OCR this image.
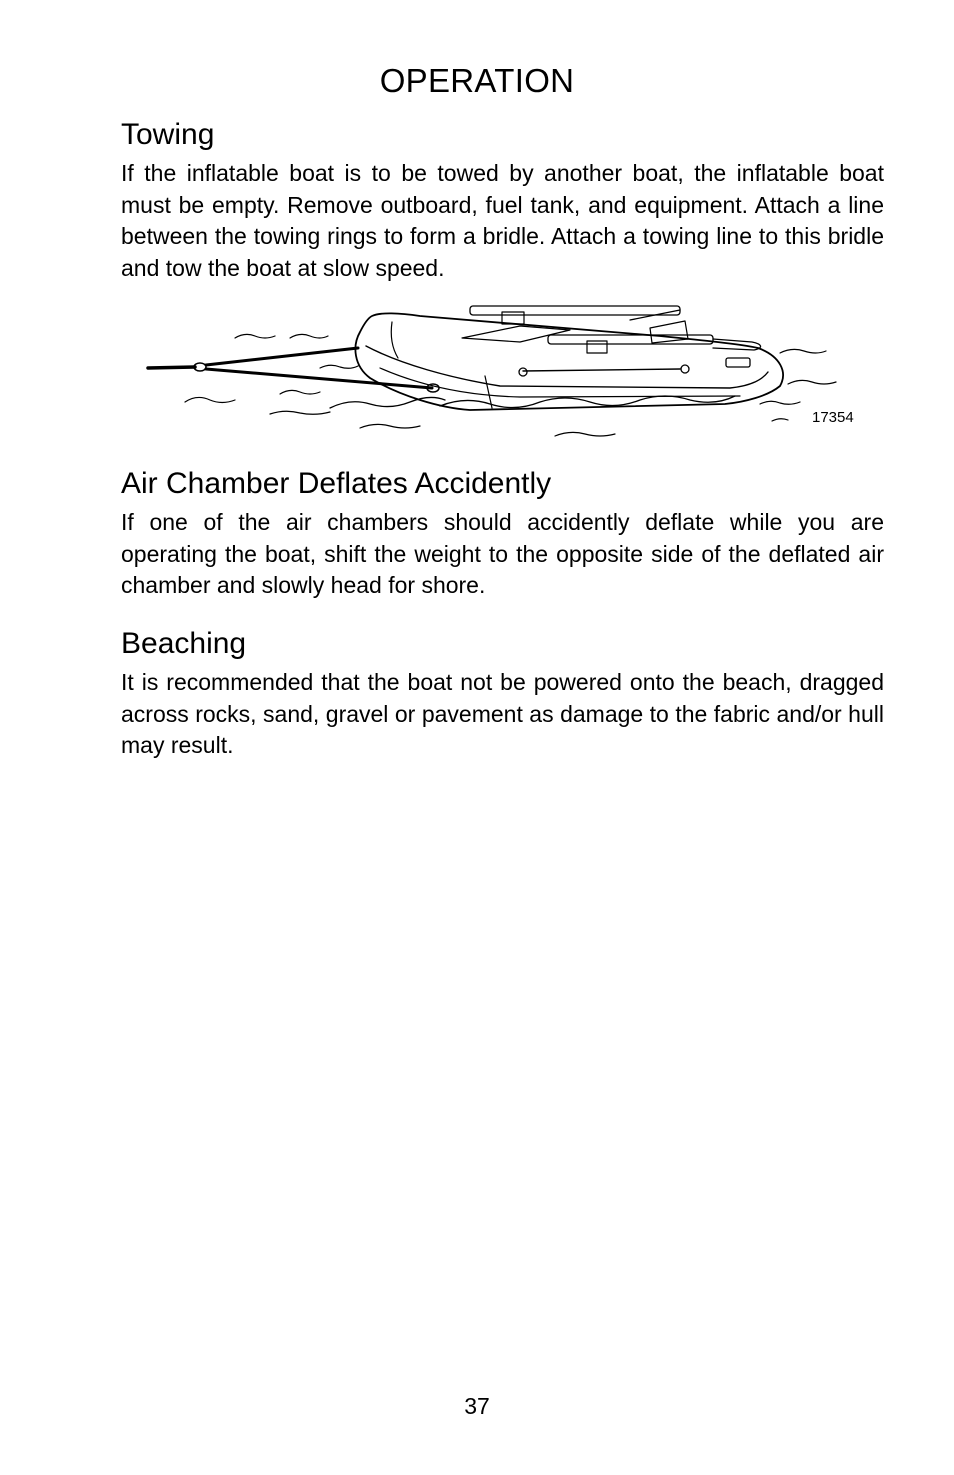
OPERATION
Towing

If the inflatable boat is to be towed by another boat, the inflatable boat must be empty. Remove outboard, fuel tank, and equipment. Attach a line between the towing rings to form a bridle. Attach a towing line to this bridle and tow the boat at slow speed.

17354
Air Chamber Deflates Accidently

If one of the air chambers should accidently deflate while you are operating the boat, shift the weight to the opposite side of the deflated air chamber and slowly head for shore.

Beaching

It is recommended that the boat not be powered onto the beach, dragged across rocks, sand, gravel or pavement as damage to the fabric and/or hull may result.

37
